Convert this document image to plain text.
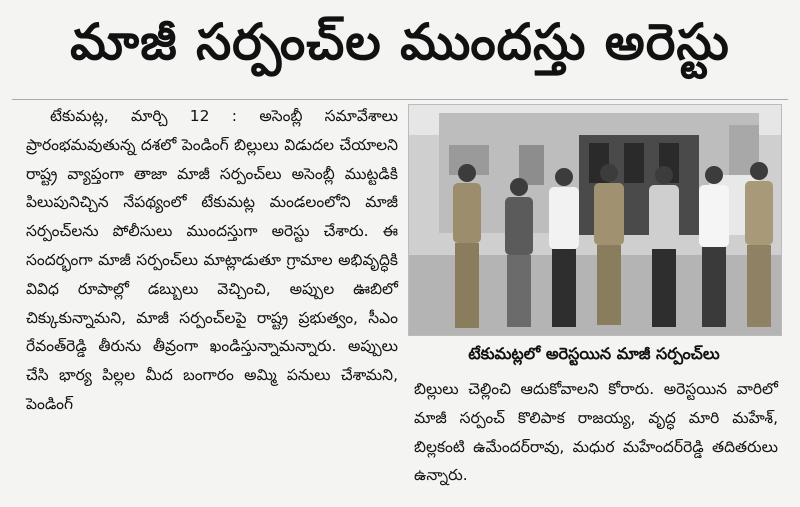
మాజీ సర్పంచ్‌ల ముందస్తు అరెస్టు

టేకుమట్ల, మార్చి 12 : అసెంబ్లీ సమావేశాలు ప్రారంభమవుతున్న దశలో పెండింగ్ బిల్లులు విడుదల చేయాలని రాష్ట్ర వ్యాప్తంగా తాజా మాజీ సర్పంచ్‌లు అసెంబ్లీ ముట్టడికి పిలుపునిచ్చిన నేపథ్యంలో టేకుమట్ల మండలంలోని మాజీ సర్పంచ్‌లను పోలీసులు ముందస్తుగా అరెస్టు చేశారు. ఈ సందర్భంగా మాజీ సర్పంచ్‌లు మాట్లాడుతూ గ్రామాల అభివృద్ధికి వివిధ రూపాల్లో డబ్బులు వెచ్చించి, అప్పుల ఊబిలో చిక్కుకున్నామని, మాజీ సర్పంచ్‌లపై రాష్ట్ర ప్రభుత్వం, సీఎం రేవంత్‌రెడ్డి తీరును తీవ్రంగా ఖండిస్తున్నామన్నారు. అప్పులు చేసి భార్య పిల్లల మీద బంగారం అమ్మి పనులు చేశామని, పెండింగ్

టేకుమట్లలో అరెస్టయిన మాజీ సర్పంచ్‌లు

బిల్లులు చెల్లించి ఆదుకోవాలని కోరారు. అరెస్టయిన వారిలో మాజీ సర్పంచ్ కొలిపాక రాజయ్య, వృద్ధ మారి మహేశ్, బిల్లకంటి ఉమేందర్‌రావు, మధుర మహేందర్‌రెడ్డి తదితరులు ఉన్నారు.
